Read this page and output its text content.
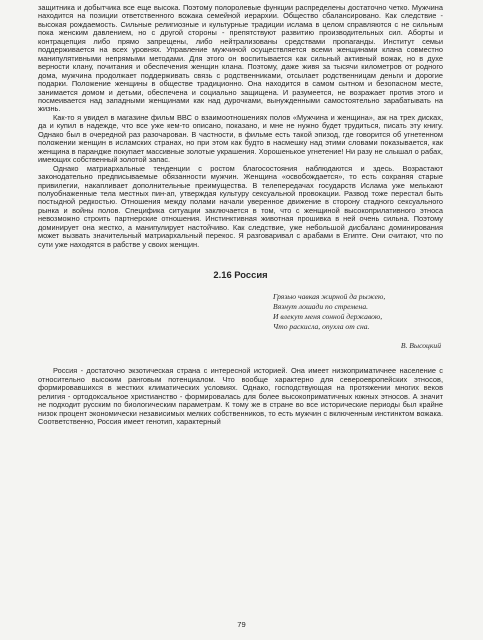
защитника и добытчика все еще высока. Поэтому полоролевые функции распределены достаточно четко. Мужчина находится на позиции ответственного вожака семейной иерархии. Общество сбалансировано. Как следствие - высокая рождаемость. Сильные религиозные и культурные традиции ислама в целом справляются с не сильным пока женским давлением, но с другой стороны - препятствуют развитию производительных сил. Аборты и контрацепция либо прямо запрещены, либо нейтрализованы средствами пропаганды. Институт семьи поддерживается на всех уровнях. Управление мужчиной осуществляется всеми женщинами клана совместно манипулятивными непрямыми методами. Для этого он воспитывается как сильный активный вожак, но в духе верности клану, почитания и обеспечения женщин клана. Поэтому, даже живя за тысячи километров от родного дома, мужчина продолжает поддерживать связь с родственниками, отсылает родственницам деньги и дорогие подарки. Положение женщины в обществе традиционно. Она находится в самом сытном и безопасном месте, занимается домом и детьми, обеспечена и социально защищена. И разумеется, не возражает против этого и посмеивается над западными женщинами как над дурочками, вынужденными самостоятельно зарабатывать на жизнь.

Как-то я увидел в магазине фильм ВВС о взаимоотношениях полов «Мужчина и женщина», аж на трех дисках, да и купил в надежде, что все уже кем-то описано, показано, и мне не нужно будет трудиться, писать эту книгу. Однако был в очередной раз разочарован. В частности, в фильме есть такой эпизод, где говорится об угнетенном положении женщин в исламских странах, но при этом как будто в насмешку над этими словами показывается, как женщина в парандже покупает массивные золотые украшения. Хорошенькое угнетение! Ни разу не слышал о рабах, имеющих собственный золотой запас.

Однако матриархальные тенденции с ростом благосостояния наблюдаются и здесь. Возрастают законодательно предписываемые обязанности мужчин. Женщина «освобождается», то есть сохраняя старые привилегии, накапливает дополнительные преимущества. В телепередачах государств Ислама уже мелькают полуобнаженные тела местных пин-ап, утверждая культуру сексуальной провокации. Развод тоже перестал быть постыдной редкостью. Отношения между полами начали уверенное движение в сторону стадного сексуального рынка и войны полов. Специфика ситуации заключается в том, что с женщиной высокоприлативного этноса невозможно строить партнерские отношения. Инстинктивная животная прошивка в ней очень сильна. Поэтому доминирует она жестко, а манипулирует настойчиво. Как следствие, уже небольшой дисбаланс доминирования может вызвать значительный матриархальный перекос. Я разговаривал с арабами в Египте. Они считают, что по сути уже находятся в рабстве у своих женщин.

2.16 Россия
Грязью чавкая жирной да рыжею,
Вязнут лошади по стремена.
И влекут меня сонной державою,
Что раскисла, опухла от сна.
В. Высоцкий

Россия - достаточно экзотическая страна с интересной историей. Она имеет низкоприматичнее население с относительно высоким ранговым потенциалом. Что вообще характерно для североевропейских этносов, формировавшихся в жестких климатических условиях. Однако, господствующая на протяжении многих веков религия - ортодоксальное христианство - формировалась для более высокоприматичных южных этносов. А значит не подходит русским по биологическим параметрам. К тому же в стране во все исторические периоды был крайне низок процент экономически независимых мелких собственников, то есть мужчин с включенным инстинктом вожака. Соответственно, Россия имеет генотип, характерный

79
